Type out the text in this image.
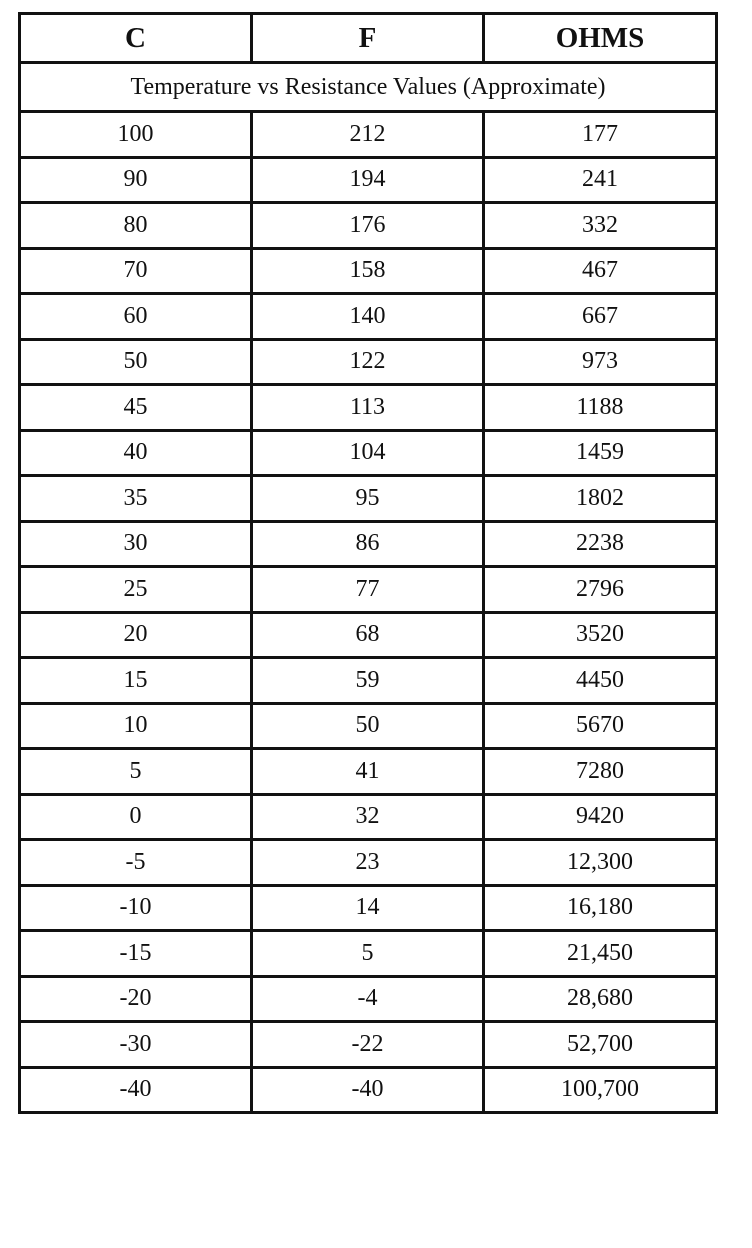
C	F	OHMS
Temperature vs Resistance Values (Approximate)		
100	212	177
90	194	241
80	176	332
70	158	467
60	140	667
50	122	973
45	113	1188
40	104	1459
35	95	1802
30	86	2238
25	77	2796
20	68	3520
15	59	4450
10	50	5670
5	41	7280
0	32	9420
-5	23	12,300
-10	14	16,180
-15	5	21,450
-20	-4	28,680
-30	-22	52,700
-40	-40	100,700
